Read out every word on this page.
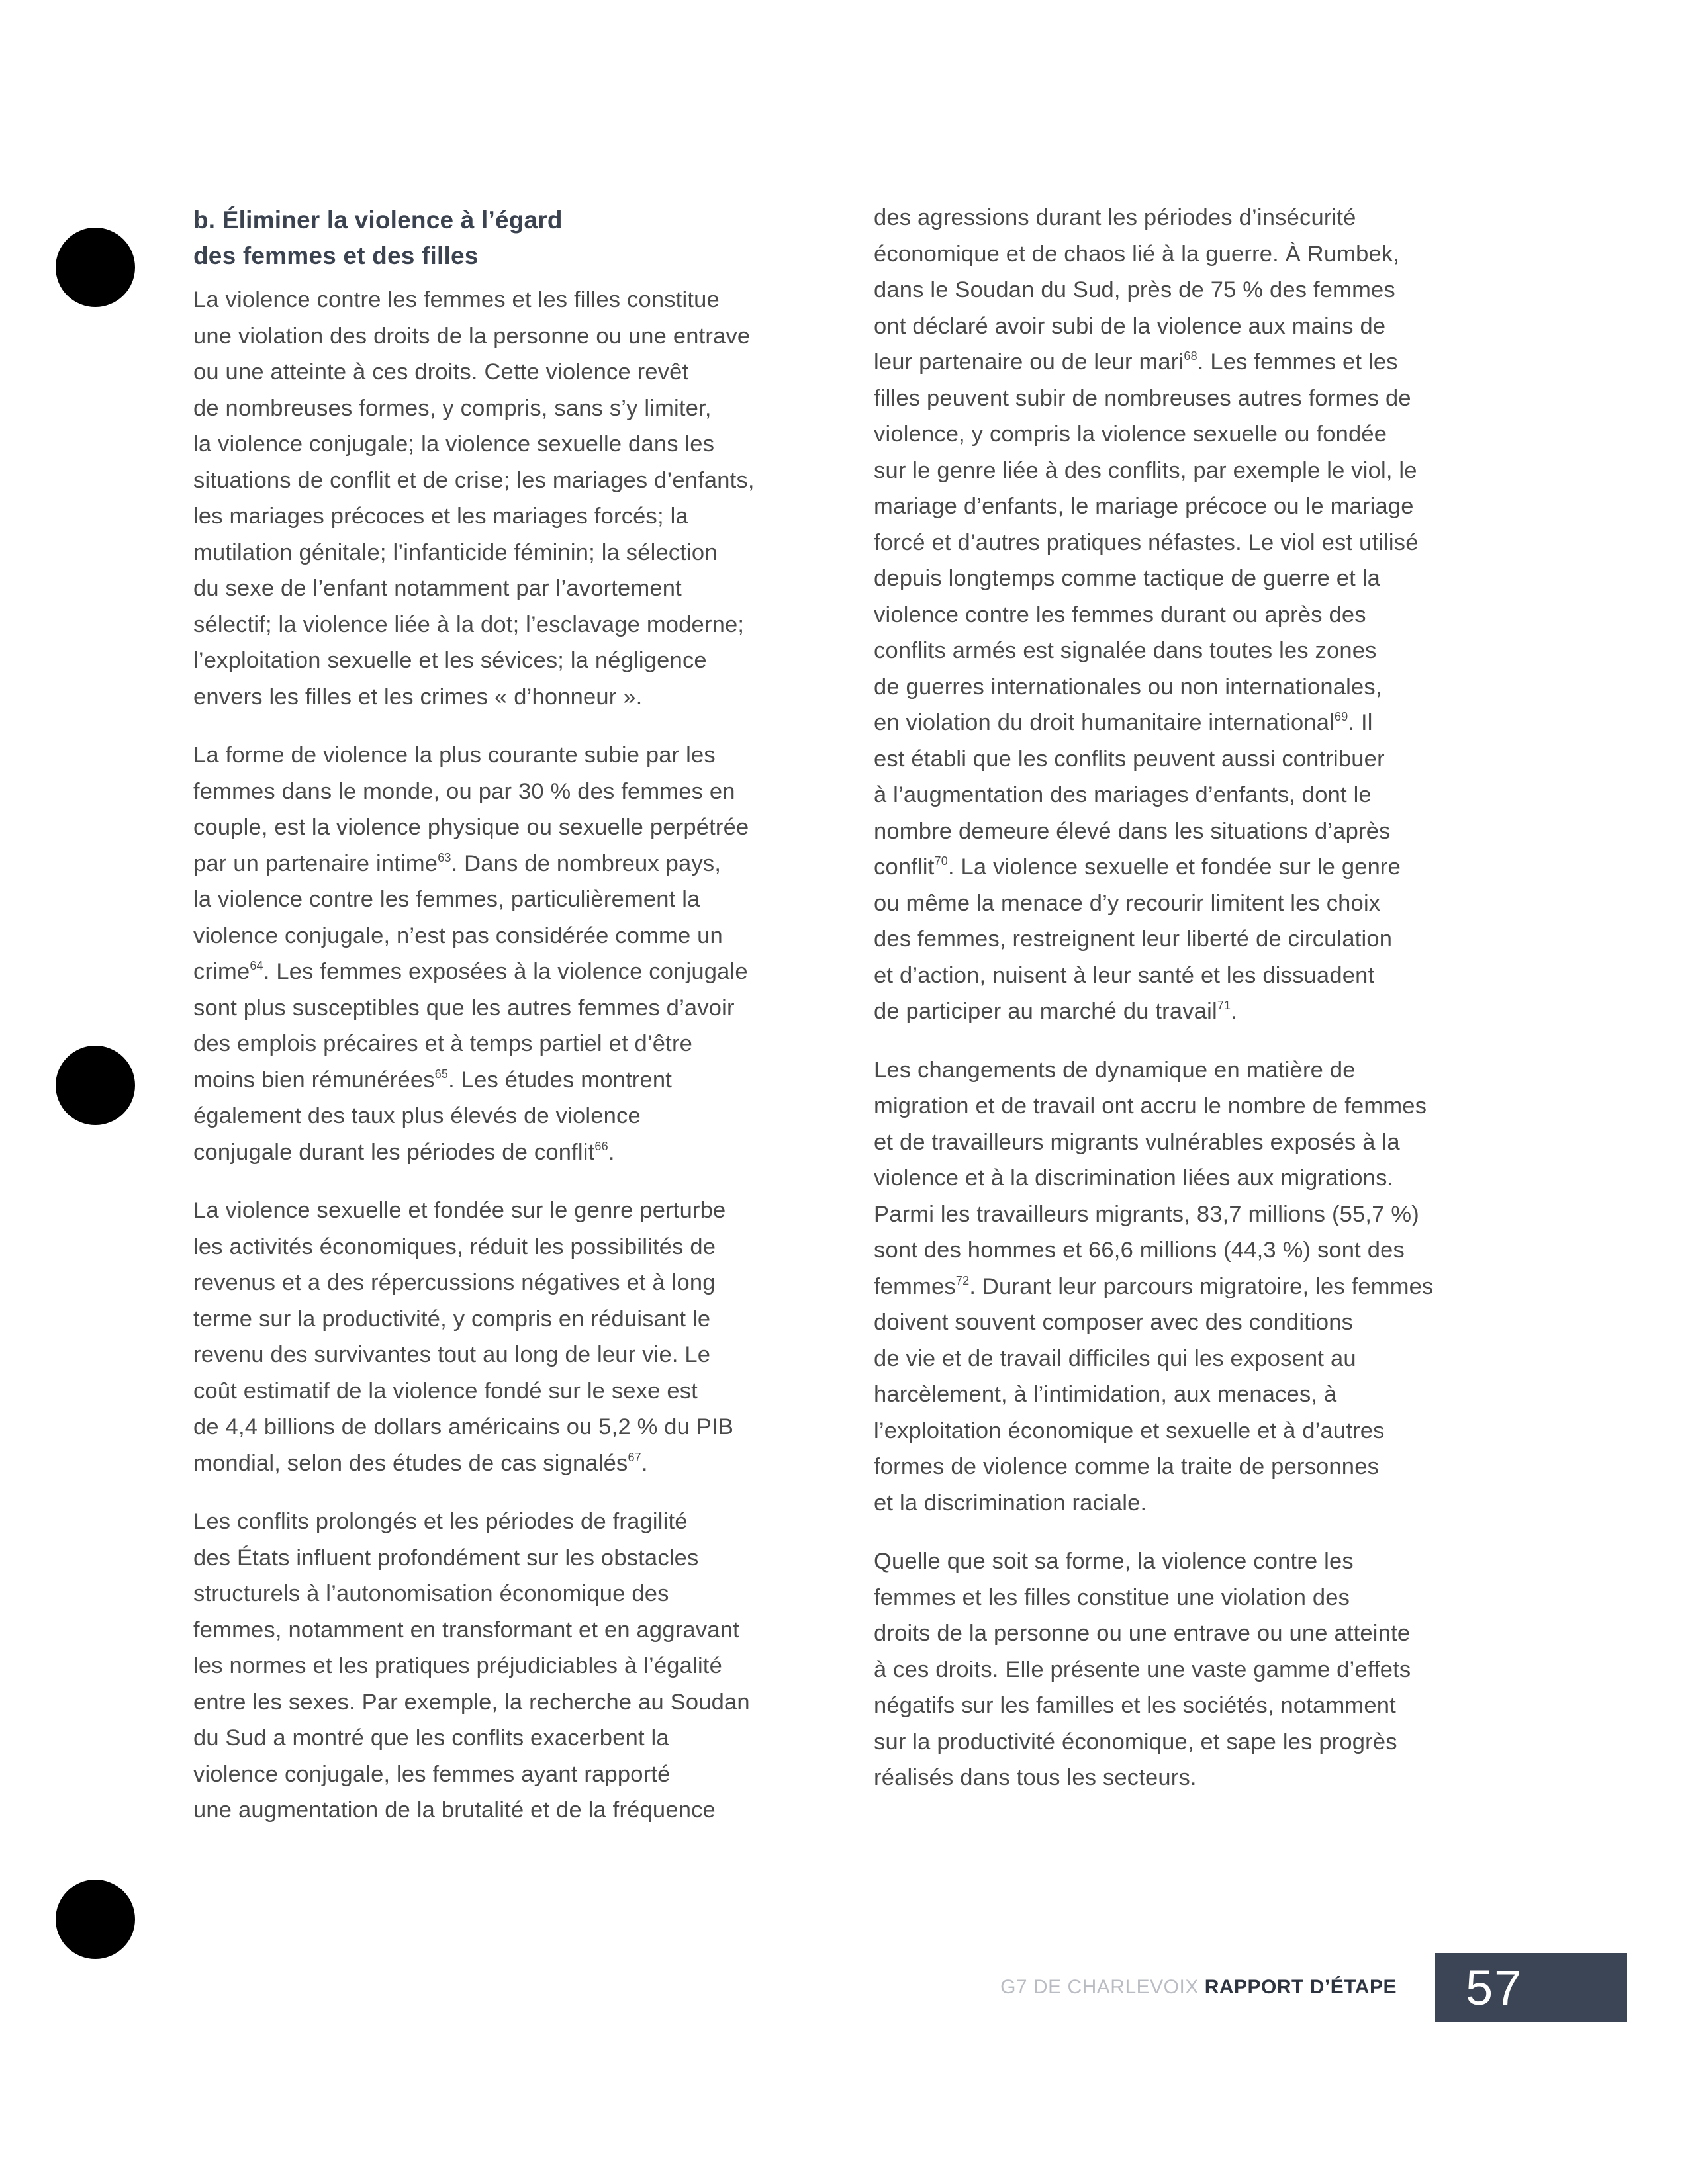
b. Éliminer la violence à l’égard
des femmes et des filles
La violence contre les femmes et les filles constitue
une violation des droits de la personne ou une entrave
ou une atteinte à ces droits. Cette violence revêt
de nombreuses formes, y compris, sans s’y limiter,
la violence conjugale; la violence sexuelle dans les
situations de conflit et de crise; les mariages d’enfants,
les mariages précoces et les mariages forcés; la
mutilation génitale; l’infanticide féminin; la sélection
du sexe de l’enfant notamment par l’avortement
sélectif; la violence liée à la dot; l’esclavage moderne;
l’exploitation sexuelle et les sévices; la négligence
envers les filles et les crimes « d’honneur ».
La forme de violence la plus courante subie par les
femmes dans le monde, ou par 30 % des femmes en
couple, est la violence physique ou sexuelle perpétrée
par un partenaire intime$^{63}$. Dans de nombreux pays,
la violence contre les femmes, particulièrement la
violence conjugale, n’est pas considérée comme un
crime$^{64}$. Les femmes exposées à la violence conjugale
sont plus susceptibles que les autres femmes d’avoir
des emplois précaires et à temps partiel et d’être
moins bien rémunérées$^{65}$. Les études montrent
également des taux plus élevés de violence
conjugale durant les périodes de conflit$^{66}$.
La violence sexuelle et fondée sur le genre perturbe
les activités économiques, réduit les possibilités de
revenus et a des répercussions négatives et à long
terme sur la productivité, y compris en réduisant le
revenu des survivantes tout au long de leur vie. Le
coût estimatif de la violence fondé sur le sexe est
de 4,4 billions de dollars américains ou 5,2 % du PIB
mondial, selon des études de cas signalés$^{67}$.
Les conflits prolongés et les périodes de fragilité
des États influent profondément sur les obstacles
structurels à l’autonomisation économique des
femmes, notamment en transformant et en aggravant
les normes et les pratiques préjudiciables à l’égalité
entre les sexes. Par exemple, la recherche au Soudan
du Sud a montré que les conflits exacerbent la
violence conjugale, les femmes ayant rapporté
une augmentation de la brutalité et de la fréquence
des agressions durant les périodes d’insécurité
économique et de chaos lié à la guerre. À Rumbek,
dans le Soudan du Sud, près de 75 % des femmes
ont déclaré avoir subi de la violence aux mains de
leur partenaire ou de leur mari$^{68}$. Les femmes et les
filles peuvent subir de nombreuses autres formes de
violence, y compris la violence sexuelle ou fondée
sur le genre liée à des conflits, par exemple le viol, le
mariage d’enfants, le mariage précoce ou le mariage
forcé et d’autres pratiques néfastes. Le viol est utilisé
depuis longtemps comme tactique de guerre et la
violence contre les femmes durant ou après des
conflits armés est signalée dans toutes les zones
de guerres internationales ou non internationales,
en violation du droit humanitaire international$^{69}$. Il
est établi que les conflits peuvent aussi contribuer
à l’augmentation des mariages d’enfants, dont le
nombre demeure élevé dans les situations d’après
conflit$^{70}$. La violence sexuelle et fondée sur le genre
ou même la menace d’y recourir limitent les choix
des femmes, restreignent leur liberté de circulation
et d’action, nuisent à leur santé et les dissuadent
de participer au marché du travail$^{71}$.
Les changements de dynamique en matière de
migration et de travail ont accru le nombre de femmes
et de travailleurs migrants vulnérables exposés à la
violence et à la discrimination liées aux migrations.
Parmi les travailleurs migrants, 83,7 millions (55,7 %)
sont des hommes et 66,6 millions (44,3 %) sont des
femmes$^{72}$. Durant leur parcours migratoire, les femmes
doivent souvent composer avec des conditions
de vie et de travail difficiles qui les exposent au
harcèlement, à l’intimidation, aux menaces, à
l’exploitation économique et sexuelle et à d’autres
formes de violence comme la traite de personnes
et la discrimination raciale.
Quelle que soit sa forme, la violence contre les
femmes et les filles constitue une violation des
droits de la personne ou une entrave ou une atteinte
à ces droits. Elle présente une vaste gamme d’effets
négatifs sur les familles et les sociétés, notamment
sur la productivité économique, et sape les progrès
réalisés dans tous les secteurs.
G7 DE CHARLEVOIX RAPPORT D’ÉTAPE 57
